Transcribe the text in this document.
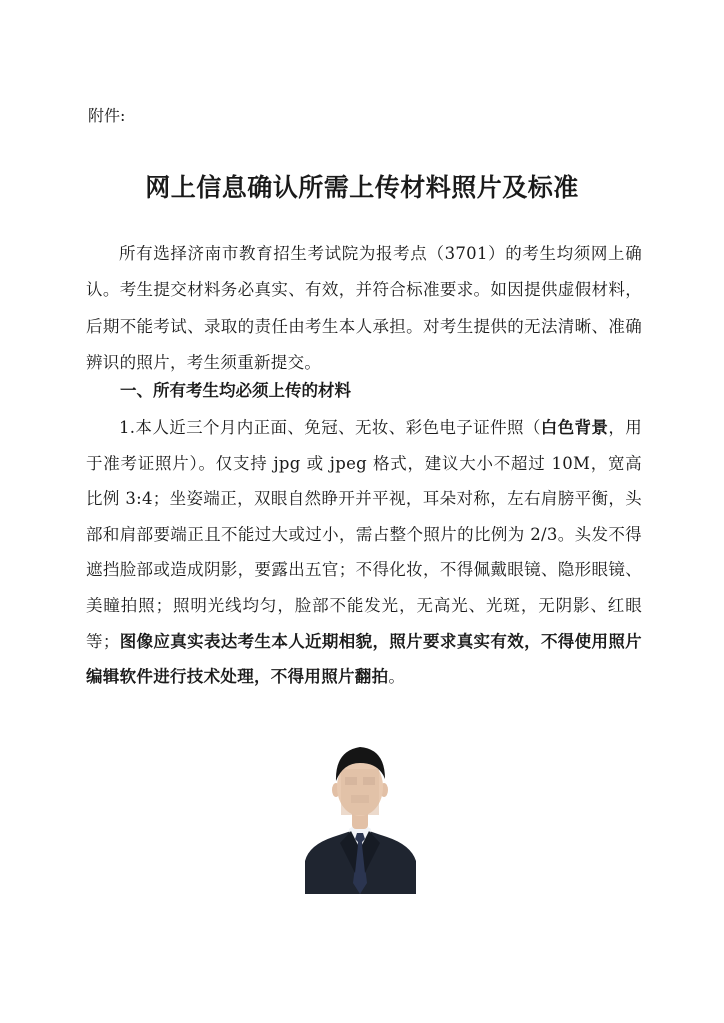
附件:
网上信息确认所需上传材料照片及标准

所有选择济南市教育招生考试院为报考点（3701）的考生均须网上确认。考生提交材料务必真实、有效，并符合标准要求。如因提供虚假材料，后期不能考试、录取的责任由考生本人承担。对考生提供的无法清晰、准确辨识的照片，考生须重新提交。

一、所有考生均必须上传的材料

1.本人近三个月内正面、免冠、无妆、彩色电子证件照（白色背景，用于准考证照片）。仅支持 jpg 或 jpeg 格式，建议大小不超过 10M，宽高比例 3:4；坐姿端正，双眼自然睁开并平视，耳朵对称，左右肩膀平衡，头部和肩部要端正且不能过大或过小，需占整个照片的比例为 2/3。头发不得遮挡脸部或造成阴影，要露出五官；不得化妆，不得佩戴眼镜、隐形眼镜、美瞳拍照；照明光线均匀，脸部不能发光，无高光、光斑，无阴影、红眼等；图像应真实表达考生本人近期相貌，照片要求真实有效，不得使用照片编辑软件进行技术处理，不得用照片翻拍。
